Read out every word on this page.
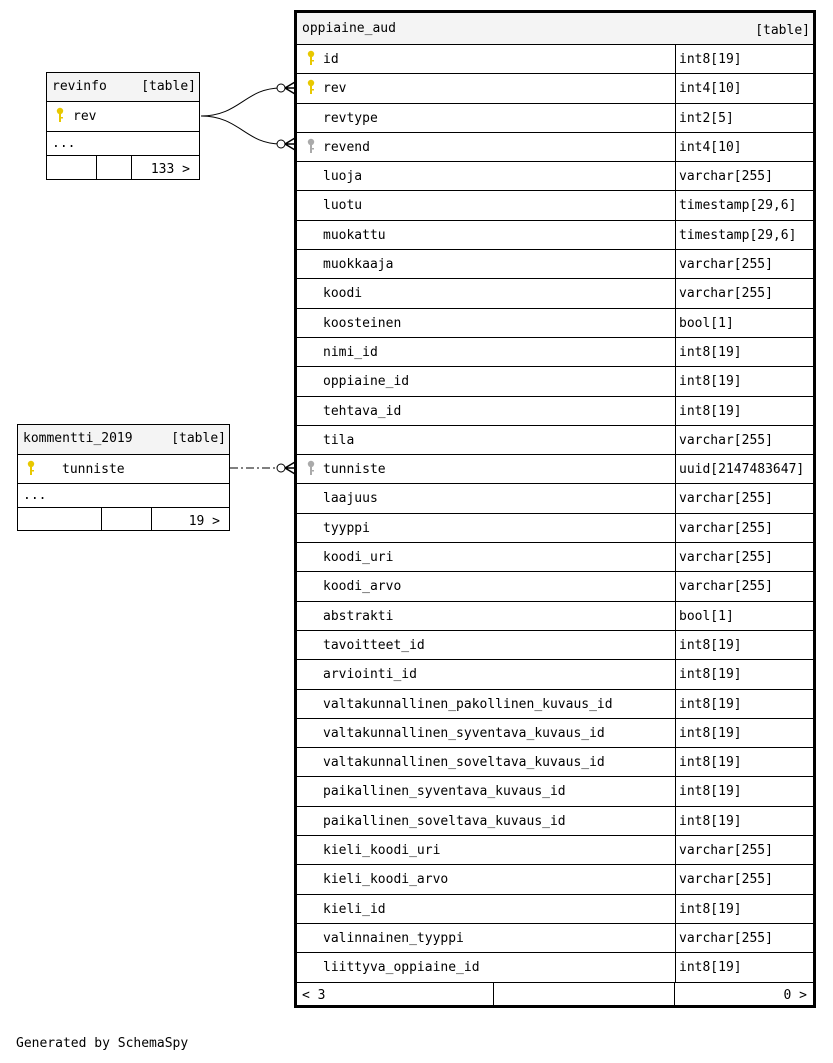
revinfo	[table]
rev
...
133 >
kommentti_2019	[table]
tunniste
...
19 >
oppiaine_aud	[table]
id	int8[19]
rev	int4[10]
revtype	int2[5]
revend	int4[10]
luoja	varchar[255]
luotu	timestamp[29,6]
muokattu	timestamp[29,6]
muokkaaja	varchar[255]
koodi	varchar[255]
koosteinen	bool[1]
nimi_id	int8[19]
oppiaine_id	int8[19]
tehtava_id	int8[19]
tila	varchar[255]
tunniste	uuid[2147483647]
laajuus	varchar[255]
tyyppi	varchar[255]
koodi_uri	varchar[255]
koodi_arvo	varchar[255]
abstrakti	bool[1]
tavoitteet_id	int8[19]
arviointi_id	int8[19]
valtakunnallinen_pakollinen_kuvaus_id	int8[19]
valtakunnallinen_syventava_kuvaus_id	int8[19]
valtakunnallinen_soveltava_kuvaus_id	int8[19]
paikallinen_syventava_kuvaus_id	int8[19]
paikallinen_soveltava_kuvaus_id	int8[19]
kieli_koodi_uri	varchar[255]
kieli_koodi_arvo	varchar[255]
kieli_id	int8[19]
valinnainen_tyyppi	varchar[255]
liittyva_oppiaine_id	int8[19]
< 3	0 >
Generated by SchemaSpy
